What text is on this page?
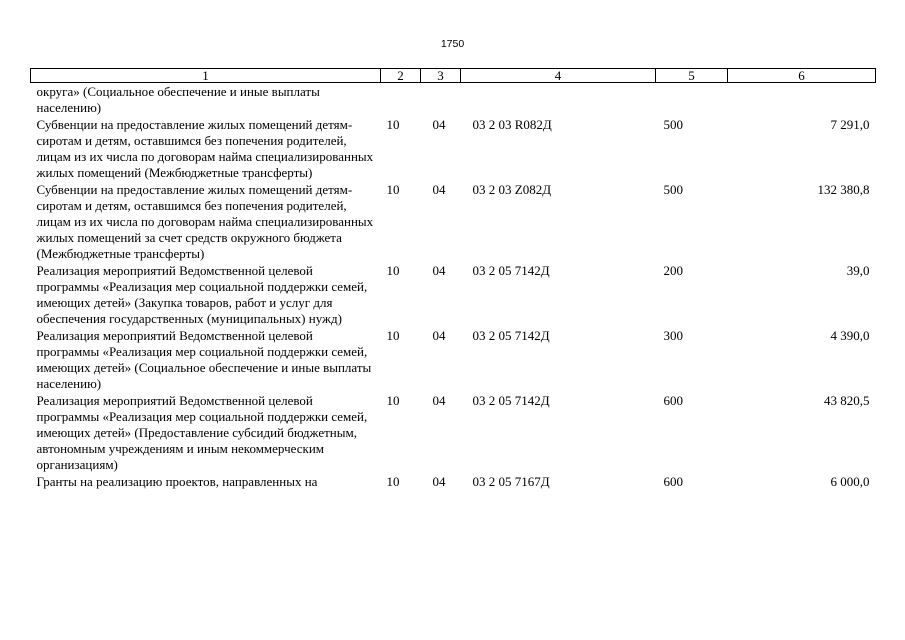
1750
1	2	3	4	5	6
округа» (Социальное обеспечение и иные выплаты населению)					
Субвенции на предоставление жилых помещений детям-сиротам и детям, оставшимся без попечения родителей, лицам из их числа по договорам найма специализированных жилых помещений (Межбюджетные трансферты)	10	04	03 2 03 R082Д	500	7 291,0
Субвенции на предоставление жилых помещений детям-сиротам и детям, оставшимся без попечения родителей, лицам из их числа по договорам найма специализированных жилых помещений за счет средств окружного бюджета (Межбюджетные трансферты)	10	04	03 2 03 Z082Д	500	132 380,8
Реализация мероприятий Ведомственной целевой программы «Реализация мер социальной поддержки семей, имеющих детей» (Закупка товаров, работ и услуг для обеспечения государственных (муниципальных) нужд)	10	04	03 2 05 7142Д	200	39,0
Реализация мероприятий Ведомственной целевой программы «Реализация мер социальной поддержки семей, имеющих детей» (Социальное обеспечение и иные выплаты населению)	10	04	03 2 05 7142Д	300	4 390,0
Реализация мероприятий Ведомственной целевой программы «Реализация мер социальной поддержки семей, имеющих детей» (Предоставление субсидий бюджетным, автономным учреждениям и иным некоммерческим организациям)	10	04	03 2 05 7142Д	600	43 820,5
Гранты на реализацию проектов, направленных на	10	04	03 2 05 7167Д	600	6 000,0
